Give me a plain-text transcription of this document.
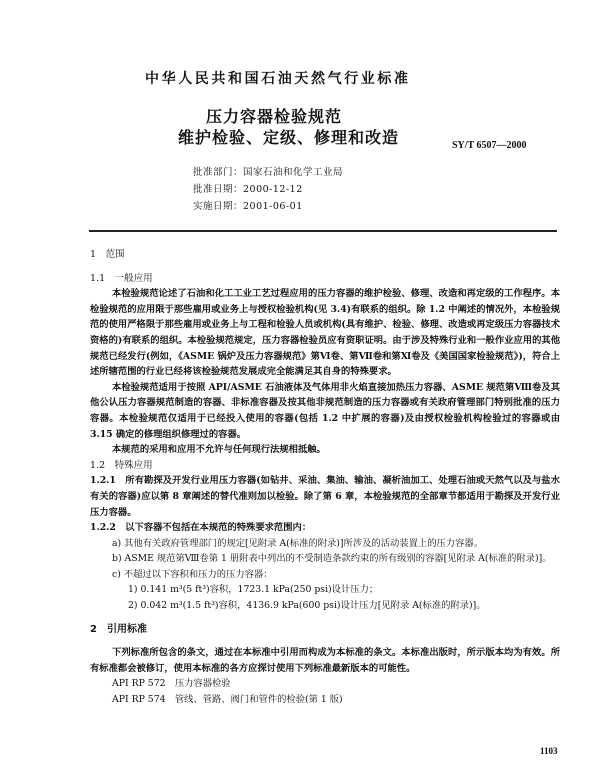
中华人民共和国石油天然气行业标准
压力容器检验规范
维护检验、定级、修理和改造	SY/T 6507—2000
批准部门：国家石油和化学工业局
批准日期：2000-12-12
实施日期：2001-06-01

1　范围

1.1　一般应用

本检验规范论述了石油和化工工业工艺过程应用的压力容器的维护检验、修理、改造和再定级的工作程序。本检验规范的应用限于那些雇用或业务上与授权检验机构(见 3.4)有联系的组织。除 1.2 中阐述的情况外，本检验规范的使用严格限于那些雇用或业务上与工程和检验人员或机构(具有维护、检验、修理、改造或再定级压力容器技术资格的)有联系的组织。本检验规范规定，压力容器检验员应有资职证明。由于涉及特殊行业和一般作业应用的其他规范已经发行(例如，《ASME 锅炉及压力容器规范》第Ⅵ卷、第Ⅶ卷和第Ⅺ卷及《美国国家检验规范》)，符合上述所辖范围的行业已经将该检验规范发展成完全能满足其自身的特殊要求。

本检验规范适用于按照 API/ASME 石油液体及气体用非火焰直接加热压力容器、ASME 规范第Ⅷ卷及其他公认压力容器规范制造的容器、非标准容器及按其他非规范制造的压力容器或有关政府管理部门特别批准的压力容器。本检验规范仅适用于已经投入使用的容器(包括 1.2 中扩展的容器)及由授权检验机构检验过的容器或由 3.15 确定的修理组织修理过的容器。

本规范的采用和应用不允许与任何现行法规相抵触。

1.2　特殊应用

1.2.1　所有勘探及开发行业用压力容器(如钻井、采油、集油、输油、凝析油加工、处理石油或天然气以及与盐水有关的容器)应以第 8 章阐述的替代准则加以检验。除了第 6 章，本检验规范的全部章节都适用于勘探及开发行业压力容器。

1.2.2　以下容器不包括在本规范的特殊要求范围内：

a) 其他有关政府管理部门的规定[见附录 A(标准的附录)]所涉及的活动装置上的压力容器。

b) ASME 规范第Ⅷ卷第 1 册附表中列出的不受制造条款约束的所有级别的容器[见附录 A(标准的附录)]。

c) 不超过以下容积和压力的压力容器：

1) 0.141 m³(5 ft³)容积，1723.1 kPa(250 psi)设计压力；

2) 0.042 m³(1.5 ft³)容积，4136.9 kPa(600 psi)设计压力[见附录 A(标准的附录)]。

2　引用标准

下列标准所包含的条文，通过在本标准中引用而构成为本标准的条文。本标准出版时，所示版本均为有效。所有标准都会被修订，使用本标准的各方应探讨使用下列标准最新版本的可能性。

API RP 572　压力容器检验

API RP 574　管线、管路、阀门和管件的检验(第 1 版)

1103
